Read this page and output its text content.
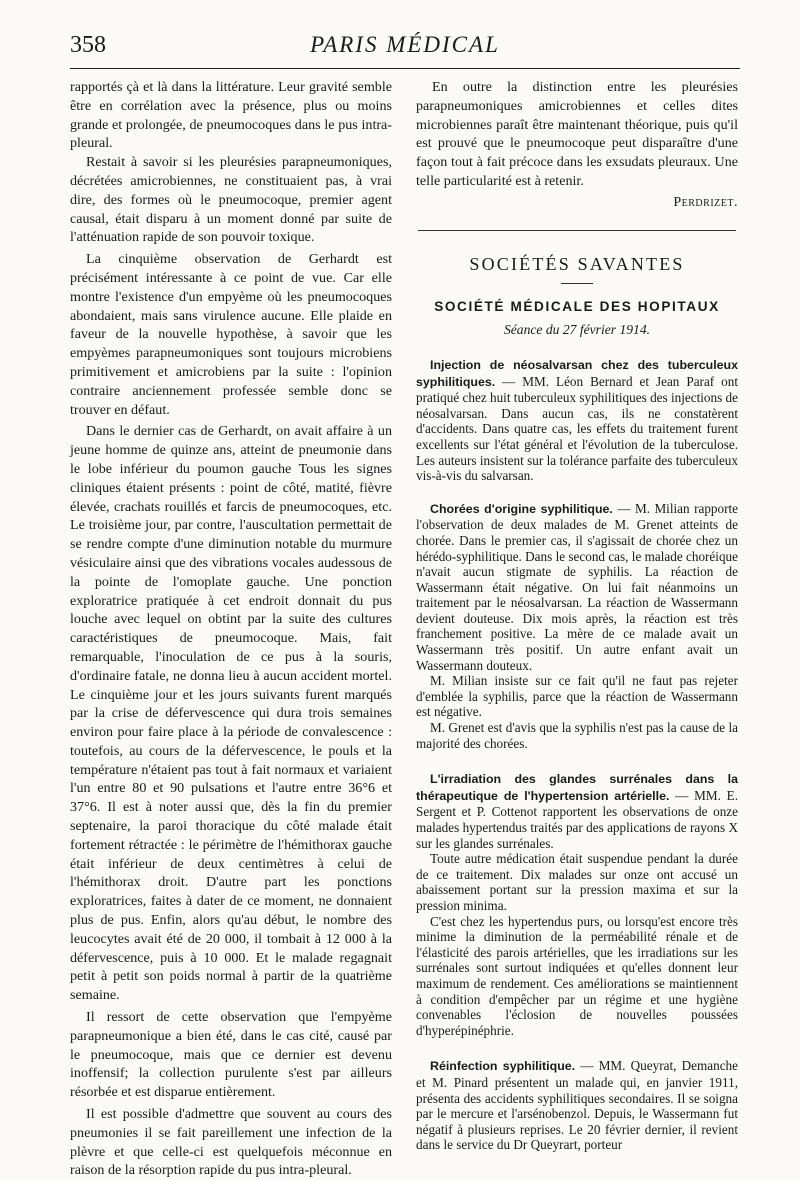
358	PARIS MÉDICAL

rapportés çà et là dans la littérature. Leur gravité semble être en corrélation avec la présence, plus ou moins grande et prolongée, de pneumocoques dans le pus intra-pleural.

Restait à savoir si les pleurésies parapneumoniques, décrétées amicrobiennes, ne constituaient pas, à vrai dire, des formes où le pneumocoque, premier agent causal, était disparu à un moment donné par suite de l'atténuation rapide de son pouvoir toxique.

La cinquième observation de Gerhardt est précisément intéressante à ce point de vue. Car elle montre l'existence d'un empyème où les pneumocoques abondaient, mais sans virulence aucune. Elle plaide en faveur de la nouvelle hypothèse, à savoir que les empyèmes parapneumoniques sont toujours microbiens primitivement et amicrobiens par la suite : l'opinion contraire anciennement professée semble donc se trouver en défaut.

Dans le dernier cas de Gerhardt, on avait affaire à un jeune homme de quinze ans, atteint de pneumonie dans le lobe inférieur du poumon gauche Tous les signes cliniques étaient présents : point de côté, matité, fièvre élevée, crachats rouillés et farcis de pneumocoques, etc. Le troisième jour, par contre, l'auscultation permettait de se rendre compte d'une diminution notable du murmure vésiculaire ainsi que des vibrations vocales audessous de la pointe de l'omoplate gauche. Une ponction exploratrice pratiquée à cet endroit donnait du pus louche avec lequel on obtint par la suite des cultures caractéristiques de pneumocoque. Mais, fait remarquable, l'inoculation de ce pus à la souris, d'ordinaire fatale, ne donna lieu à aucun accident mortel. Le cinquième jour et les jours suivants furent marqués par la crise de défervescence qui dura trois semaines environ pour faire place à la période de convalescence : toutefois, au cours de la défervescence, le pouls et la température n'étaient pas tout à fait normaux et variaient l'un entre 80 et 90 pulsations et l'autre entre 36°6 et 37°6. Il est à noter aussi que, dès la fin du premier septenaire, la paroi thoracique du côté malade était fortement rétractée : le périmètre de l'hémithorax gauche était inférieur de deux centimètres à celui de l'hémithorax droit. D'autre part les ponctions exploratrices, faites à dater de ce moment, ne donnaient plus de pus. Enfin, alors qu'au début, le nombre des leucocytes avait été de 20 000, il tombait à 12 000 à la défervescence, puis à 10 000. Et le malade regagnait petit à petit son poids normal à partir de la quatrième semaine.

Il ressort de cette observation que l'empyème parapneumonique a bien été, dans le cas cité, causé par le pneumocoque, mais que ce dernier est devenu inoffensif; la collection purulente s'est par ailleurs résorbée et est disparue entièrement.

Il est possible d'admettre que souvent au cours des pneumonies il se fait pareillement une infection de la plèvre et que celle-ci est quelquefois méconnue en raison de la résorption rapide du pus intra-pleural.

En outre la distinction entre les pleurésies parapneumoniques amicrobiennes et celles dites microbiennes paraît être maintenant théorique, puis qu'il est prouvé que le pneumocoque peut disparaître d'une façon tout à fait précoce dans les exsudats pleuraux. Une telle particularité est à retenir.

Perdrizet.

SOCIÉTÉS SAVANTES
SOCIÉTÉ MÉDICALE DES HOPITAUX
Séance du 27 février 1914.

Injection de néosalvarsan chez des tuberculeux syphilitiques. — MM. Léon Bernard et Jean Paraf ont pratiqué chez huit tuberculeux syphilitiques des injections de néosalvarsan. Dans aucun cas, ils ne constatèrent d'accidents. Dans quatre cas, les effets du traitement furent excellents sur l'état général et l'évolution de la tuberculose. Les auteurs insistent sur la tolérance parfaite des tuberculeux vis-à-vis du salvarsan.

Chorées d'origine syphilitique. — M. Milian rapporte l'observation de deux malades de M. Grenet atteints de chorée. Dans le premier cas, il s'agissait de chorée chez un hérédo-syphilitique. Dans le second cas, le malade choréique n'avait aucun stigmate de syphilis. La réaction de Wassermann était négative. On lui fait néanmoins un traitement par le néosalvarsan. La réaction de Wassermann devient douteuse. Dix mois après, la réaction est très franchement positive. La mère de ce malade avait un Wassermann très positif. Un autre enfant avait un Wassermann douteux.

M. Milian insiste sur ce fait qu'il ne faut pas rejeter d'emblée la syphilis, parce que la réaction de Wassermann est négative.

M. Grenet est d'avis que la syphilis n'est pas la cause de la majorité des chorées.

L'irradiation des glandes surrénales dans la thérapeutique de l'hypertension artérielle. — MM. E. Sergent et P. Cottenot rapportent les observations de onze malades hypertendus traités par des applications de rayons X sur les glandes surrénales.

Toute autre médication était suspendue pendant la durée de ce traitement. Dix malades sur onze ont accusé un abaissement portant sur la pression maxima et sur la pression minima.

C'est chez les hypertendus purs, ou lorsqu'est encore très minime la diminution de la perméabilité rénale et de l'élasticité des parois artérielles, que les irradiations sur les surrénales sont surtout indiquées et qu'elles donnent leur maximum de rendement. Ces améliorations se maintiennent à condition d'empêcher par un régime et une hygiène convenables l'éclosion de nouvelles poussées d'hyperépinéphrie.

Réinfection syphilitique. — MM. Queyrat, Demanche et M. Pinard présentent un malade qui, en janvier 1911, présenta des accidents syphilitiques secondaires. Il se soigna par le mercure et l'arsénobenzol. Depuis, le Wassermann fut négatif à plusieurs reprises. Le 20 février dernier, il revient dans le service du Dr Queyrart, porteur
